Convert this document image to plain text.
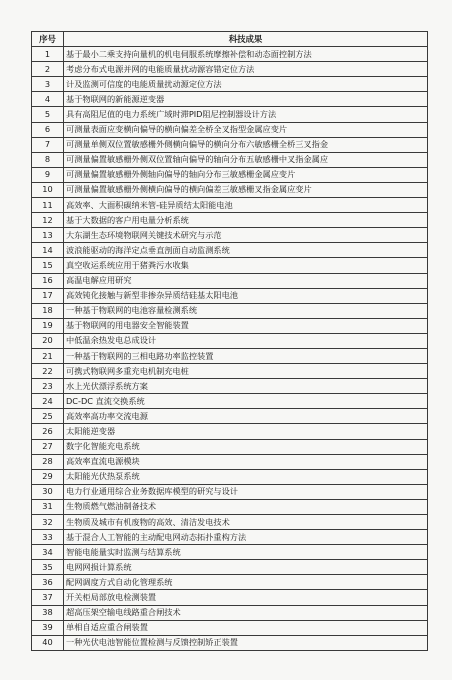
序号	科技成果
1	基于最小二乘支持向量机的机电伺服系统摩擦补偿和动态面控制方法
2	考虑分布式电源并网的电能质量扰动源容错定位方法
3	计及监测可信度的电能质量扰动源定位方法
4	基于物联网的新能源逆变器
5	具有高阻尼值的电力系统广域时滞PID阻尼控制器设计方法
6	可测量表面应变横向偏导的横向偏差全桥全叉指型金属应变片
7	可测量单侧双位置敏感栅外侧横向偏导的横向分布六敏感栅全桥三叉指金
8	可测量偏置敏感栅外侧双位置轴向偏导的轴向分布五敏感栅中叉指金属应
9	可测量偏置敏感栅外侧轴向偏导的轴向分布三敏感栅金属应变片
10	可测量偏置敏感栅外侧横向偏导的横向偏差三敏感栅叉指金属应变片
11	高效率、大面积碳纳米管-硅异质结太阳能电池
12	基于大数据的客户用电量分析系统
13	大东湖生态环境物联网关键技术研究与示范
14	波浪能驱动的海洋定点垂直剖面自动监测系统
15	真空收运系统应用于猪粪污水收集
16	高温电解应用研究
17	高效钝化接触与新型非掺杂异质结硅基太阳电池
18	一种基于物联网的电池容量检测系统
19	基于物联网的用电器安全智能装置
20	中低温余热发电总成设计
21	一种基于物联网的三相电路功率监控装置
22	可携式物联网多重充电机制充电桩
23	水上光伏漂浮系统方案
24	DC-DC 直流交换系统
25	高效率高功率交流电源
26	太阳能逆变器
27	数字化智能充电系统
28	高效率直流电源模块
29	太阳能光伏热泵系统
30	电力行业通用综合业务数据库模型的研究与设计
31	生物质燃气燃油制备技术
32	生物质及城市有机废物的高效、清洁发电技术
33	基于混合人工智能的主动配电网动态拓扑重构方法
34	智能电能量实时监测与结算系统
35	电网网损计算系统
36	配网调度方式自动化管理系统
37	开关柜局部放电检测装置
38	超高压架空输电线路重合闸技术
39	单相自适应重合闸装置
40	一种光伏电池智能位置检测与反馈控制矫正装置
